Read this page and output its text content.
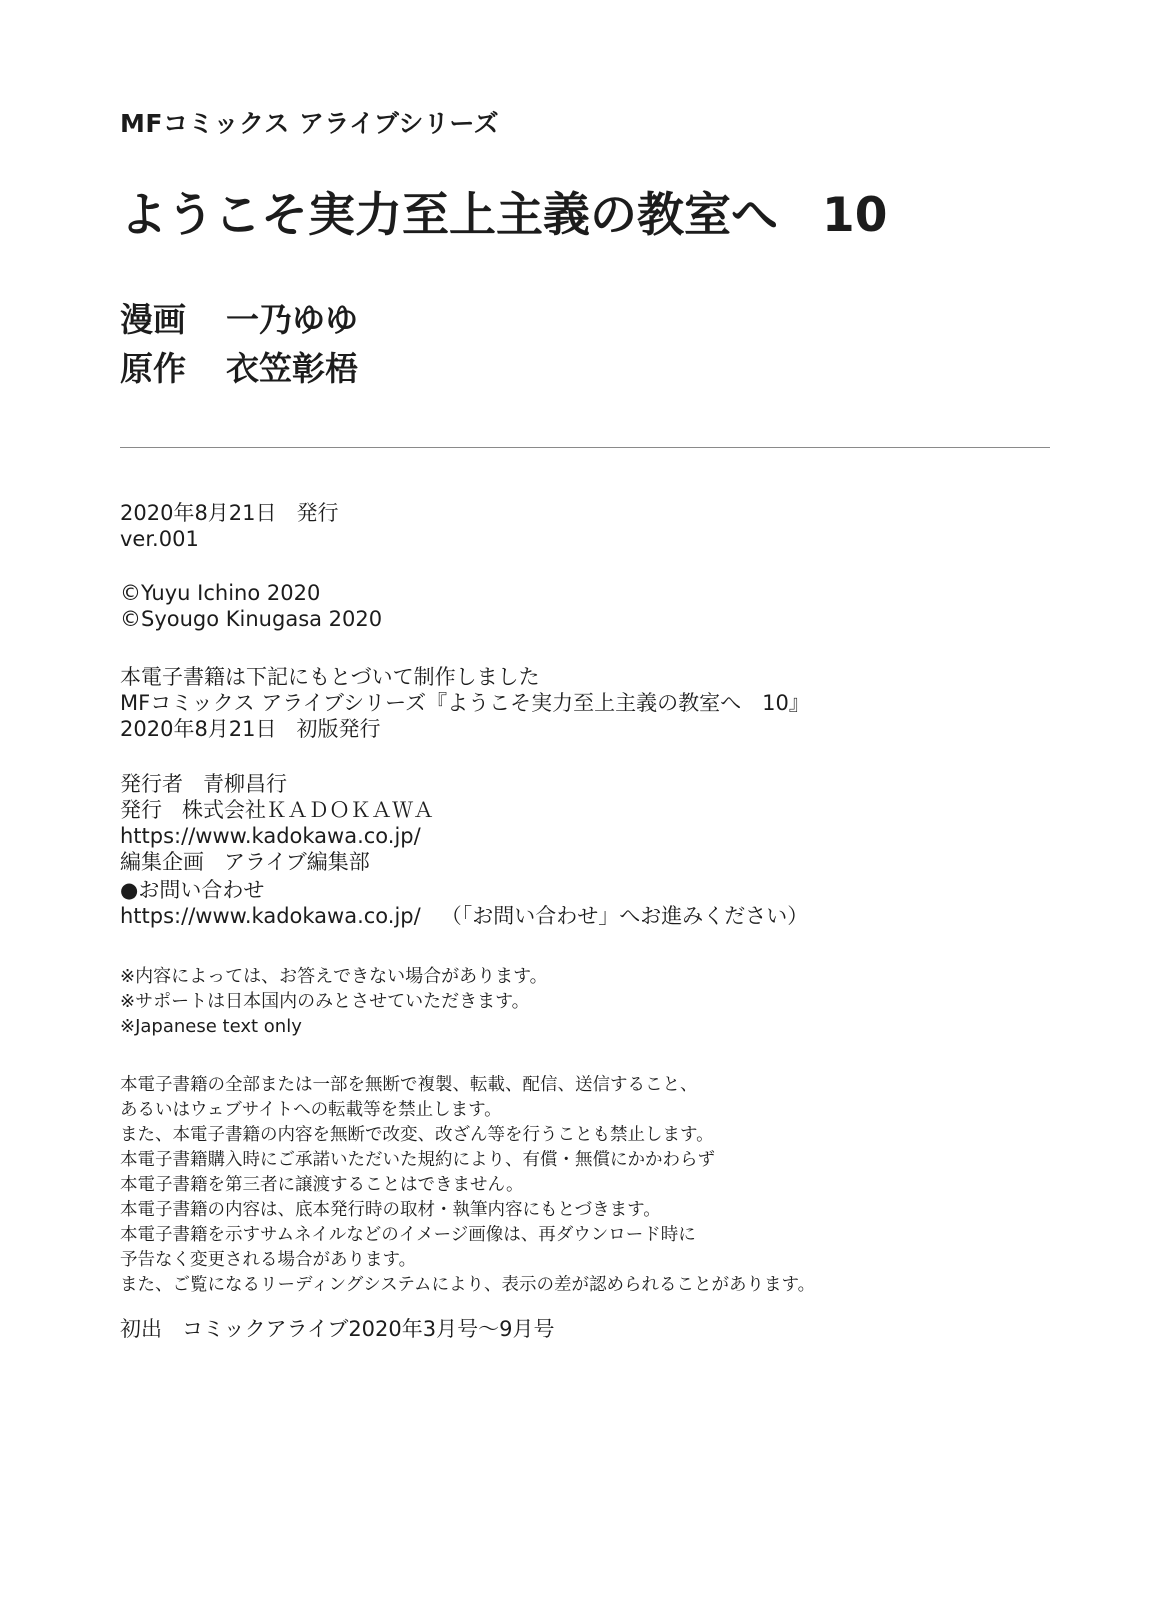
MFコミックス アライブシリーズ
ようこそ実力至上主義の教室へ 10
漫画 一乃ゆゆ
原作 衣笠彰梧
2020年8月21日 発行
ver.001
©Yuyu Ichino 2020
©Syougo Kinugasa 2020
本電子書籍は下記にもとづいて制作しました
MFコミックス アライブシリーズ『ようこそ実力至上主義の教室へ　10』
2020年8月21日 初版発行
発行者 青柳昌行
発行 株式会社ＫＡＤＯＫＡＷＡ
https://www.kadokawa.co.jp/
編集企画 アライブ編集部
●お問い合わせ
https://www.kadokawa.co.jp/ （「お問い合わせ」へお進みください）
※内容によっては、お答えできない場合があります。
※サポートは日本国内のみとさせていただきます。
※Japanese text only
本電子書籍の全部または一部を無断で複製、転載、配信、送信すること、
あるいはウェブサイトへの転載等を禁止します。
また、本電子書籍の内容を無断で改変、改ざん等を行うことも禁止します。
本電子書籍購入時にご承諾いただいた規約により、有償・無償にかかわらず
本電子書籍を第三者に譲渡することはできません。
本電子書籍の内容は、底本発行時の取材・執筆内容にもとづきます。
本電子書籍を示すサムネイルなどのイメージ画像は、再ダウンロード時に
予告なく変更される場合があります。
また、ご覧になるリーディングシステムにより、表示の差が認められることがあります。
初出 コミックアライブ2020年3月号～9月号
